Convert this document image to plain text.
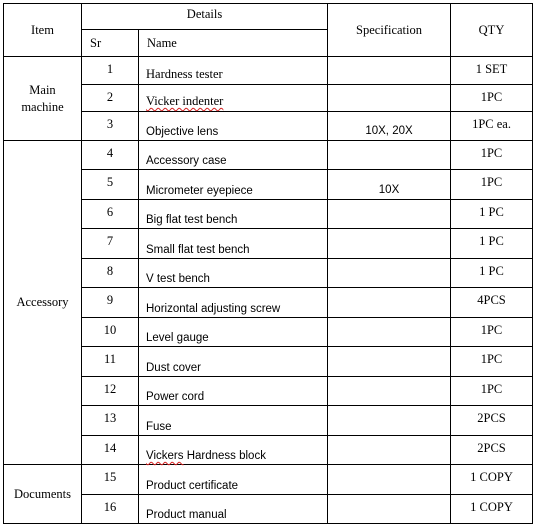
Item	Details		Specification	QTY
	Sr	Name		
Main
machine	1	Hardness tester		1 SET
	2	Vicker indenter		1PC
	3	Objective lens	10X, 20X	1PC ea.
Accessory	4	Accessory case		1PC
	5	Micrometer eyepiece	10X	1PC
	6	Big flat test bench		1 PC
	7	Small flat test bench		1 PC
	8	V test bench		1 PC
	9	Horizontal adjusting screw		4PCS
	10	Level gauge		1PC
	11	Dust cover		1PC
	12	Power cord		1PC
	13	Fuse		2PCS
	14	Vickers Hardness block		2PCS
Documents	15	Product certificate		1 COPY
	16	Product manual		1 COPY
